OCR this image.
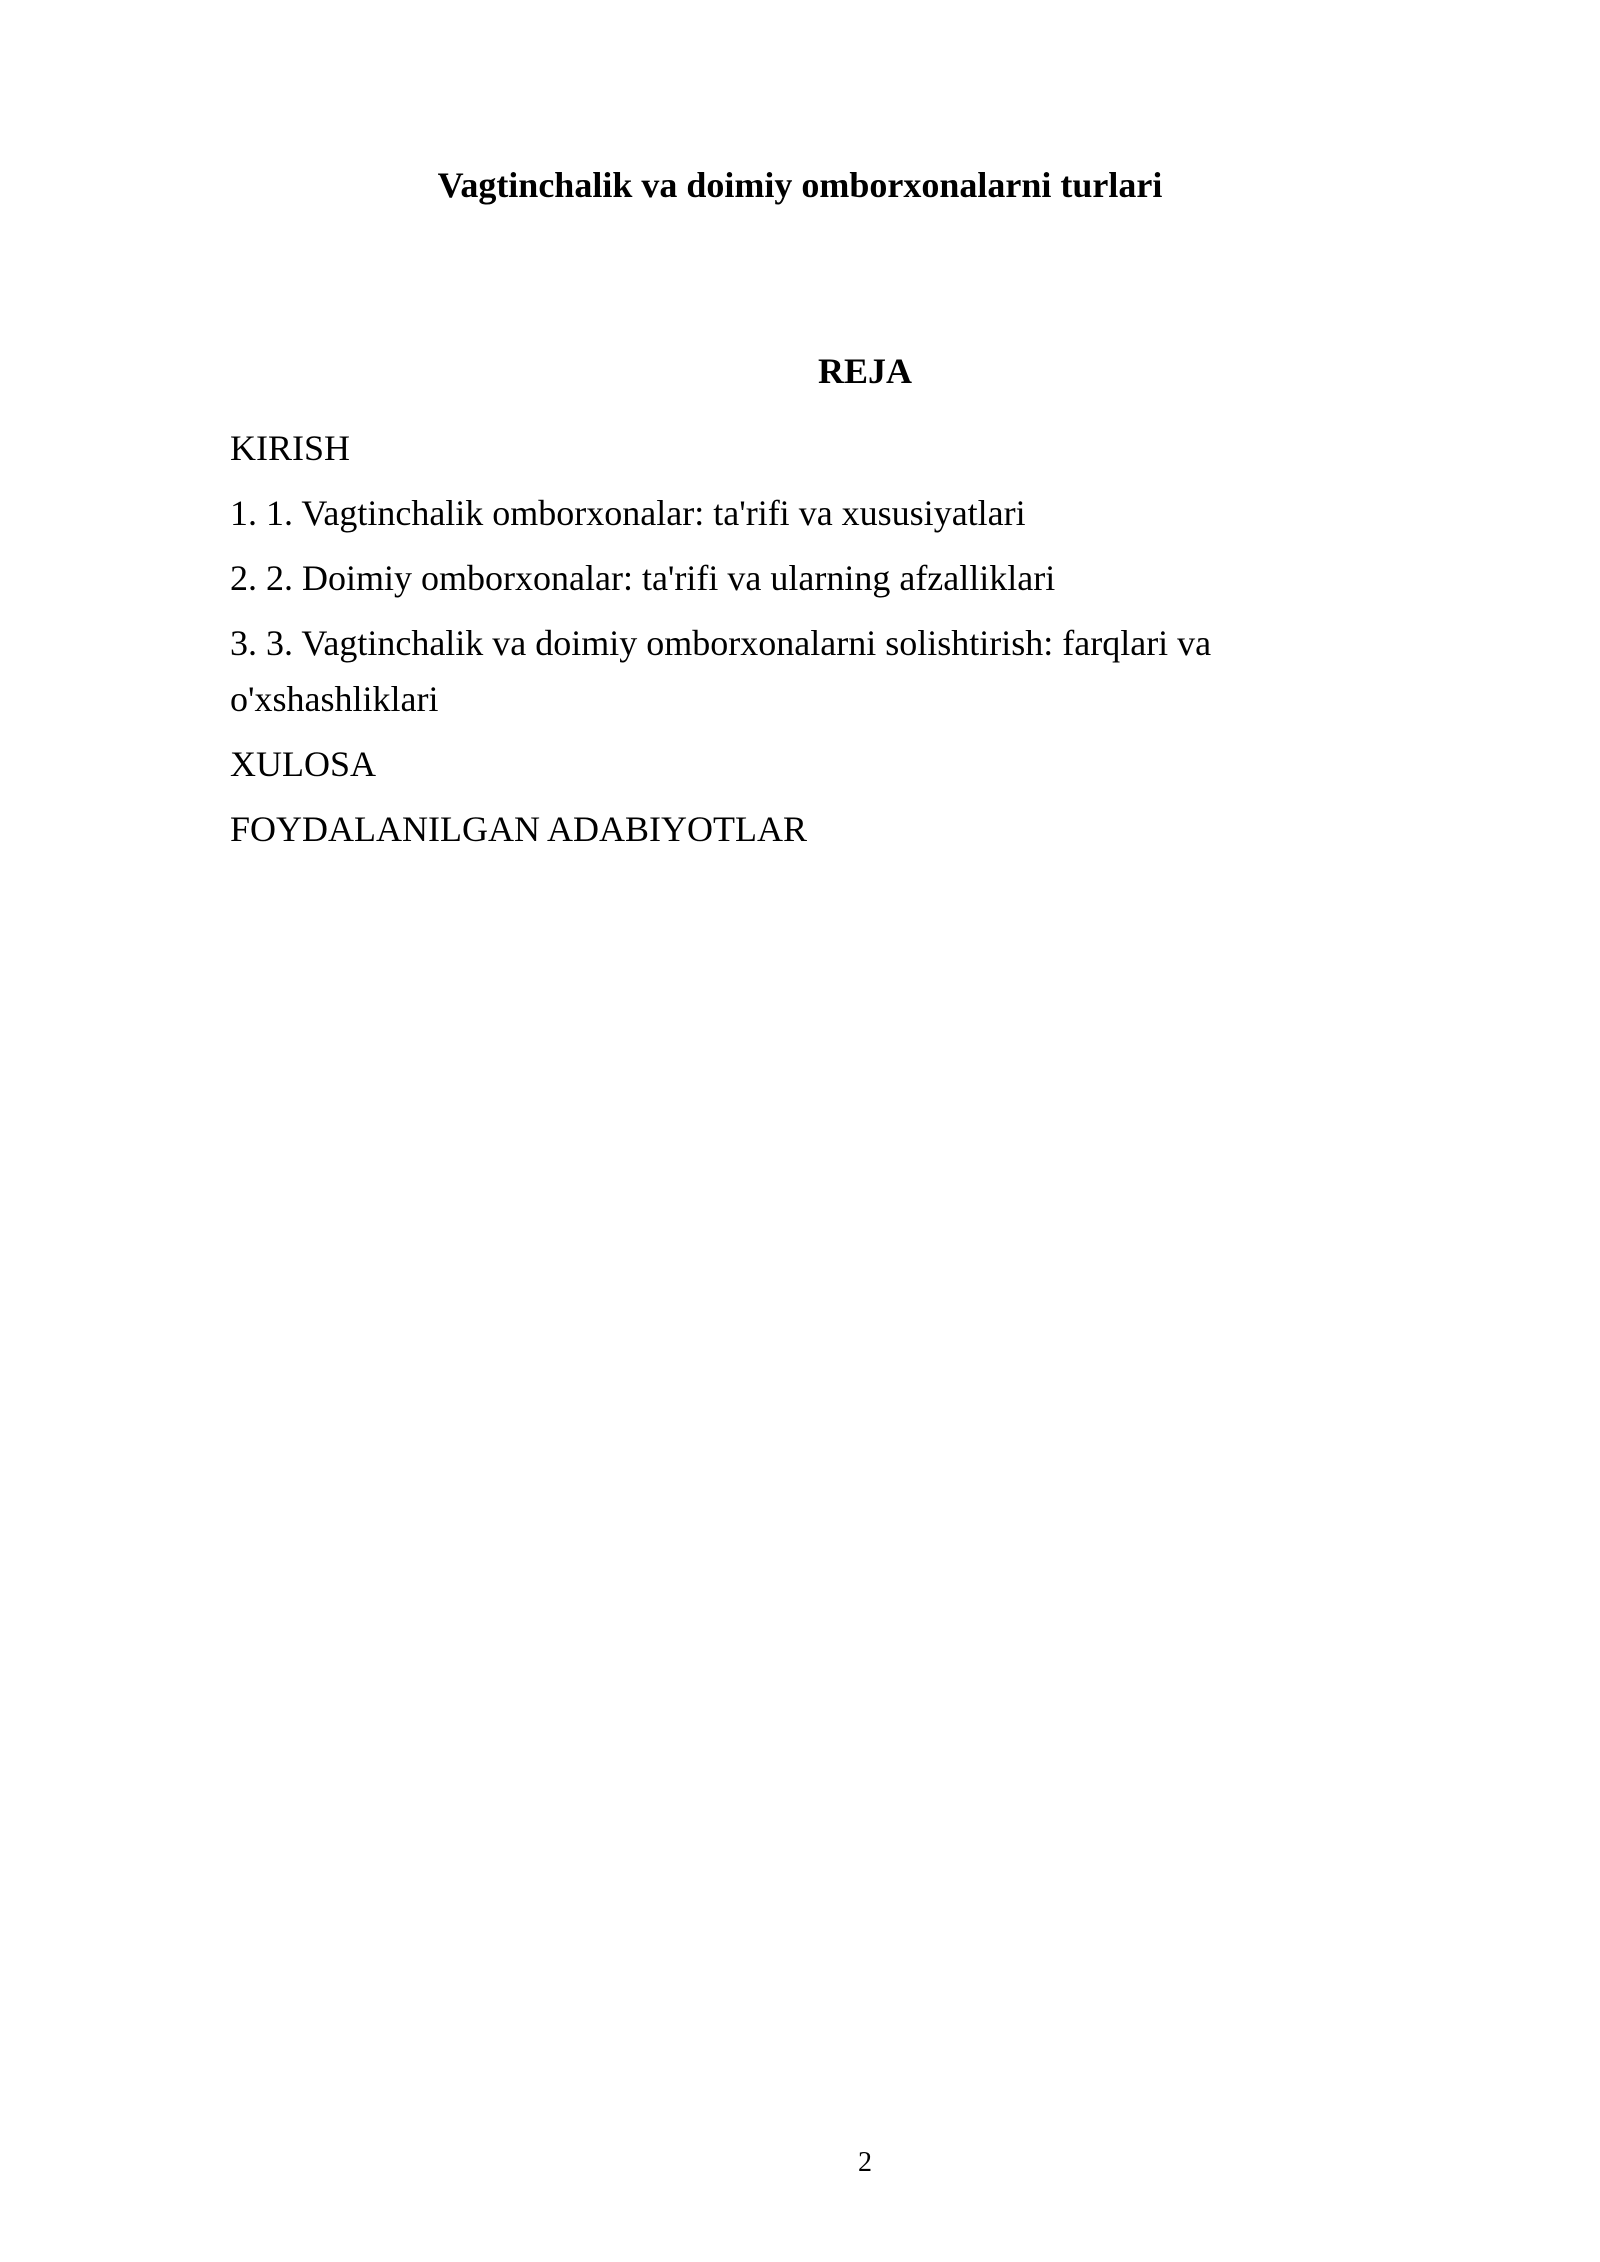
Vagtinchalik va doimiy omborxonalarni turlari
REJA
KIRISH
1. 1. Vagtinchalik omborxonalar: ta'rifi va xususiyatlari
2. 2. Doimiy omborxonalar: ta'rifi va ularning afzalliklari
3. 3. Vagtinchalik va doimiy omborxonalarni solishtirish: farqlari va o'xshashliklari
XULOSA
FOYDALANILGAN ADABIYOTLAR
2
